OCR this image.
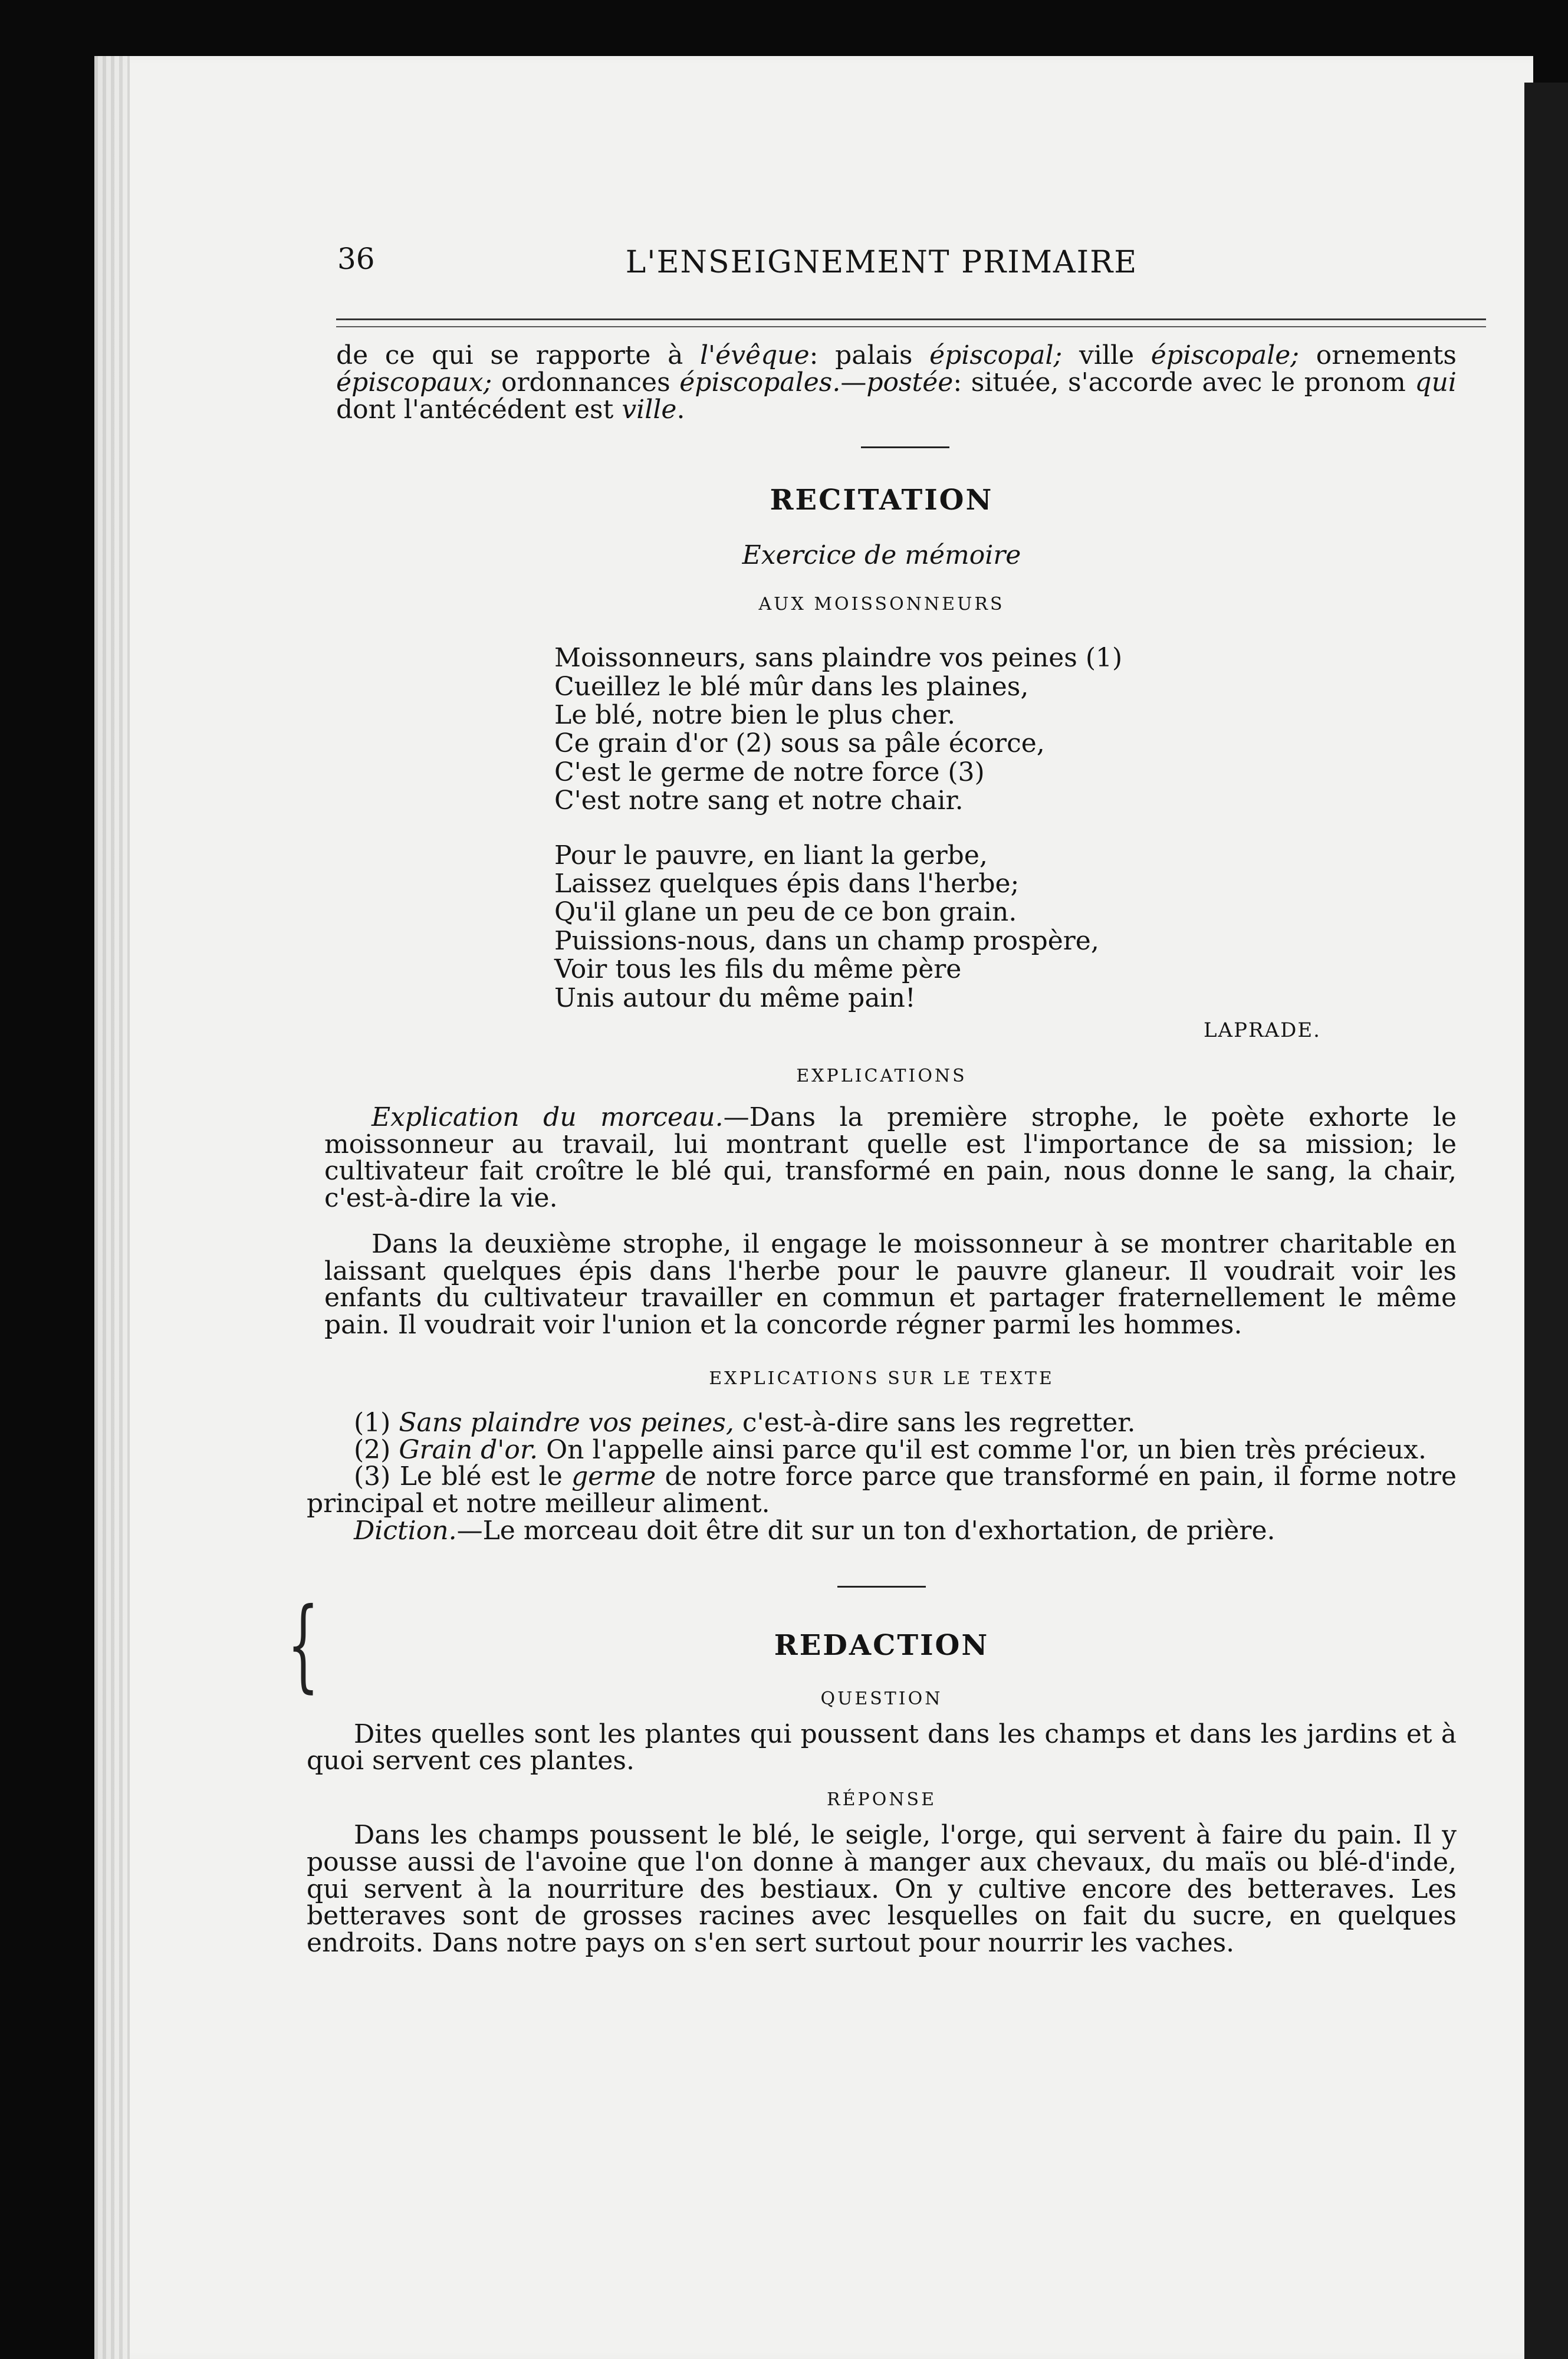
{
36	L'ENSEIGNEMENT PRIMAIRE

de ce qui se rapporte à l'évêque: palais épiscopal; ville épiscopale; ornements épiscopaux; ordonnances épiscopales.—postée: située, s'accorde avec le pronom qui dont l'antécédent est ville.

RECITATION
Exercice de mémoire
AUX MOISSONNEURS
Moissonneurs, sans plaindre vos peines (1)
Cueillez le blé mûr dans les plaines,
Le blé, notre bien le plus cher.
Ce grain d'or (2) sous sa pâle écorce,
C'est le germe de notre force (3)
C'est notre sang et notre chair.
Pour le pauvre, en liant la gerbe,
Laissez quelques épis dans l'herbe;
Qu'il glane un peu de ce bon grain.
Puissions-nous, dans un champ prospère,
Voir tous les fils du même père
Unis autour du même pain!
LAPRADE.
EXPLICATIONS

Explication du morceau.—Dans la première strophe, le poète exhorte le moissonneur au travail, lui montrant quelle est l'importance de sa mission; le cultivateur fait croître le blé qui, transformé en pain, nous donne le sang, la chair, c'est-à-dire la vie.

Dans la deuxième strophe, il engage le moissonneur à se montrer charitable en laissant quelques épis dans l'herbe pour le pauvre glaneur. Il voudrait voir les enfants du cultivateur travailler en commun et partager fraternellement le même pain. Il voudrait voir l'union et la concorde régner parmi les hommes.

EXPLICATIONS SUR LE TEXTE

(1) Sans plaindre vos peines, c'est-à-dire sans les regretter.

(2) Grain d'or. On l'appelle ainsi parce qu'il est comme l'or, un bien très précieux.

(3) Le blé est le germe de notre force parce que transformé en pain, il forme notre principal et notre meilleur aliment.

Diction.—Le morceau doit être dit sur un ton d'exhortation, de prière.

REDACTION
QUESTION

Dites quelles sont les plantes qui poussent dans les champs et dans les jardins et à quoi servent ces plantes.

RÉPONSE

Dans les champs poussent le blé, le seigle, l'orge, qui servent à faire du pain. Il y pousse aussi de l'avoine que l'on donne à manger aux chevaux, du maïs ou blé-d'inde, qui servent à la nourriture des bestiaux. On y cultive encore des betteraves. Les betteraves sont de grosses racines avec lesquelles on fait du sucre, en quelques endroits. Dans notre pays on s'en sert surtout pour nourrir les vaches.
